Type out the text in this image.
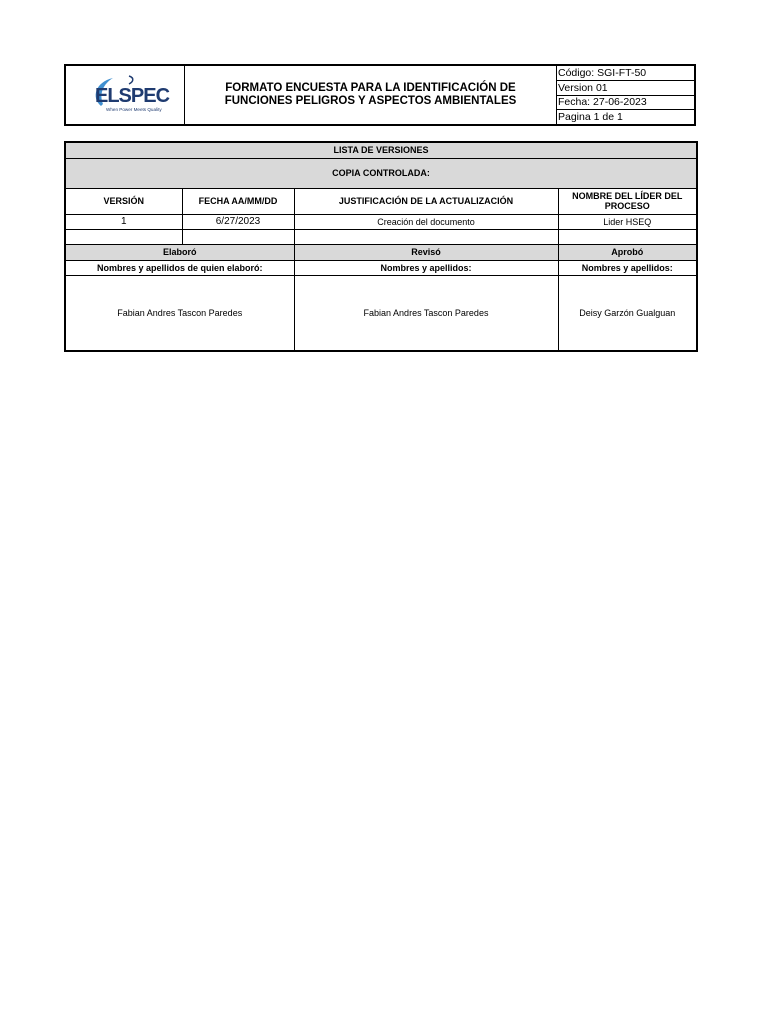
ELSPEC
When Power Meets Quality
FORMATO ENCUESTA PARA LA IDENTIFICACIÓN DE
FUNCIONES PELIGROS Y ASPECTOS AMBIENTALES
Código: SGI-FT-50
Version 01
Fecha: 27-06-2023
Pagina 1 de 1
LISTA DE VERSIONES			
COPIA CONTROLADA:			
VERSIÓN	FECHA AA/MM/DD	JUSTIFICACIÓN DE LA ACTUALIZACIÓN	NOMBRE DEL LÍDER DEL PROCESO
1	6/27/2023	Creación del documento	Lider HSEQ

Elaboró		Revisó	Aprobó
Nombres y apellidos de quien elaboró:		Nombres y apellidos:	Nombres y apellidos:
Fabian Andres Tascon Paredes		Fabian Andres Tascon Paredes	Deisy Garzón Gualguan
